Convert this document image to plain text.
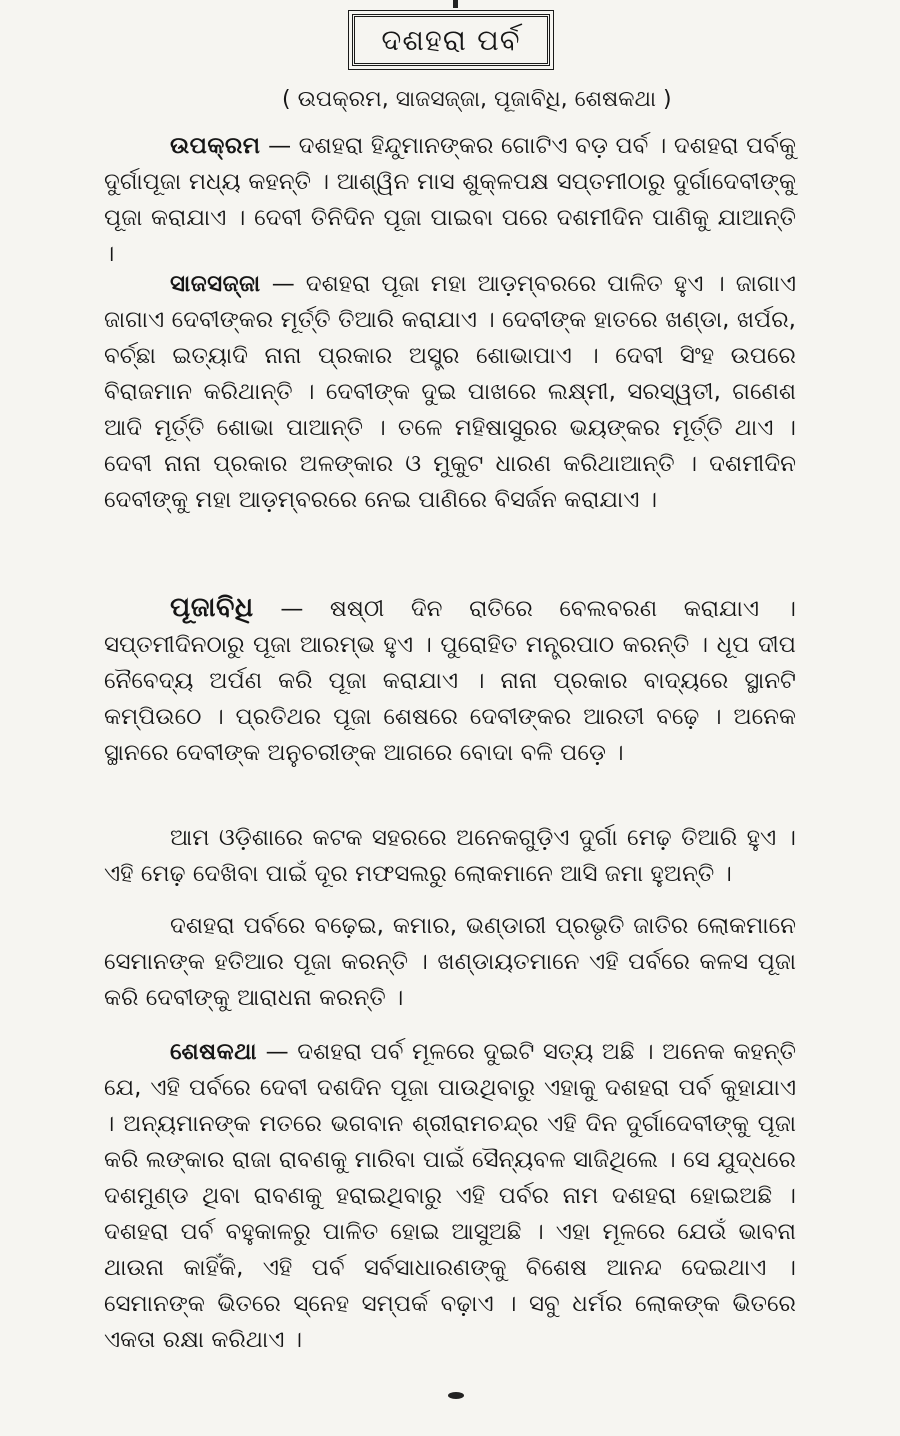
ଦଶହରା ପର୍ବ
( ଉପକ୍ରମ, ସାଜସଜ୍ଜା, ପୂଜାବିଧି, ଶେଷକଥା )

ଉପକ୍ରମ — ଦଶହରା ହିନ୍ଦୁମାନଙ୍କର ଗୋଟିଏ ବଡ଼ ପର୍ବ । ଦଶହରା ପର୍ବକୁ ଦୁର୍ଗାପୂଜା ମଧ୍ୟ କହନ୍ତି । ଆଶ୍ୱିନ ମାସ ଶୁକ୍ଳପକ୍ଷ ସପ୍ତମୀଠାରୁ ଦୁର୍ଗାଦେବୀଙ୍କୁ ପୂଜା କରାଯାଏ । ଦେବୀ ତିନିଦିନ ପୂଜା ପାଇବା ପରେ ଦଶମୀଦିନ ପାଣିକୁ ଯାଆନ୍ତି ।

ସାଜସଜ୍ଜା — ଦଶହରା ପୂଜା ମହା ଆଡ଼ମ୍ବରରେ ପାଳିତ ହୁଏ । ଜାଗାଏ ଜାଗାଏ ଦେବୀଙ୍କର ମୂର୍ତ୍ତି ତିଆରି କରାଯାଏ । ଦେବୀଙ୍କ ହାତରେ ଖଣ୍ଡା, ଖର୍ପର, ବର୍ଚ୍ଛା ଇତ୍ୟାଦି ନାନା ପ୍ରକାର ଅସ୍ତ୍ର ଶୋଭାପାଏ । ଦେବୀ ସିଂହ ଉପରେ ବିରାଜମାନ କରିଥାନ୍ତି । ଦେବୀଙ୍କ ଦୁଇ ପାଖରେ ଲକ୍ଷ୍ମୀ, ସରସ୍ୱତୀ, ଗଣେଶ ଆଦି ମୂର୍ତ୍ତି ଶୋଭା ପାଆନ୍ତି । ତଳେ ମହିଷାସୁରର ଭୟଙ୍କର ମୂର୍ତ୍ତି ଥାଏ । ଦେବୀ ନାନା ପ୍ରକାର ଅଳଙ୍କାର ଓ ମୁକୁଟ ଧାରଣ କରିଥାଆନ୍ତି । ଦଶମୀଦିନ ଦେବୀଙ୍କୁ ମହା ଆଡ଼ମ୍ବରରେ ନେଇ ପାଣିରେ ବିସର୍ଜନ କରାଯାଏ ।

ପୂଜାବିଧି — ଷଷ୍ଠୀ ଦିନ ରାତିରେ ବେଲବରଣ କରାଯାଏ । ସପ୍ତମୀଦିନଠାରୁ ପୂଜା ଆରମ୍ଭ ହୁଏ । ପୁରୋହିତ ମନ୍ତ୍ରପାଠ କରନ୍ତି । ଧୂପ ଦୀପ ନୈବେଦ୍ୟ ଅର୍ପଣ କରି ପୂଜା କରାଯାଏ । ନାନା ପ୍ରକାର ବାଦ୍ୟରେ ସ୍ଥାନଟି କମ୍ପିଉଠେ । ପ୍ରତିଥର ପୂଜା ଶେଷରେ ଦେବୀଙ୍କର ଆରତୀ ବଢ଼େ । ଅନେକ ସ୍ଥାନରେ ଦେବୀଙ୍କ ଅନୁଚରୀଙ୍କ ଆଗରେ ବୋଦା ବଳି ପଡ଼େ ।

ଆମ ଓଡ଼ିଶାରେ କଟକ ସହରରେ ଅନେକଗୁଡ଼ିଏ ଦୁର୍ଗା ମେଢ଼ ତିଆରି ହୁଏ । ଏହି ମେଢ଼ ଦେଖିବା ପାଇଁ ଦୂର ମଫସଲରୁ ଲୋକମାନେ ଆସି ଜମା ହୁଅନ୍ତି ।

ଦଶହରା ପର୍ବରେ ବଢ଼େଇ, କମାର, ଭଣ୍ଡାରୀ ପ୍ରଭୃତି ଜାତିର ଲୋକମାନେ ସେମାନଙ୍କ ହତିଆର ପୂଜା କରନ୍ତି । ଖଣ୍ଡାୟତମାନେ ଏହି ପର୍ବରେ କଳସ ପୂଜା କରି ଦେବୀଙ୍କୁ ଆରାଧନା କରନ୍ତି ।

ଶେଷକଥା — ଦଶହରା ପର୍ବ ମୂଳରେ ଦୁଇଟି ସତ୍ୟ ଅଛି । ଅନେକ କହନ୍ତି ଯେ, ଏହି ପର୍ବରେ ଦେବୀ ଦଶଦିନ ପୂଜା ପାଉଥିବାରୁ ଏହାକୁ ଦଶହରା ପର୍ବ କୁହାଯାଏ । ଅନ୍ୟମାନଙ୍କ ମତରେ ଭଗବାନ ଶ୍ରୀରାମଚନ୍ଦ୍ର ଏହି ଦିନ ଦୁର୍ଗାଦେବୀଙ୍କୁ ପୂଜା କରି ଲଙ୍କାର ରାଜା ରାବଣକୁ ମାରିବା ପାଇଁ ସୈନ୍ୟବଳ ସାଜିଥିଲେ । ସେ ଯୁଦ୍ଧରେ ଦଶମୁଣ୍ଡ ଥିବା ରାବଣକୁ ହରାଇଥିବାରୁ ଏହି ପର୍ବର ନାମ ଦଶହରା ହୋଇଅଛି । ଦଶହରା ପର୍ବ ବହୁକାଳରୁ ପାଳିତ ହୋଇ ଆସୁଅଛି । ଏହା ମୂଳରେ ଯେଉଁ ଭାବନା ଥାଉନା କାହିଁକି, ଏହି ପର୍ବ ସର୍ବସାଧାରଣଙ୍କୁ ବିଶେଷ ଆନନ୍ଦ ଦେଇଥାଏ । ସେମାନଙ୍କ ଭିତରେ ସ୍ନେହ ସମ୍ପର୍କ ବଢ଼ାଏ । ସବୁ ଧର୍ମର ଲୋକଙ୍କ ଭିତରେ ଏକତା ରକ୍ଷା କରିଥାଏ ।
